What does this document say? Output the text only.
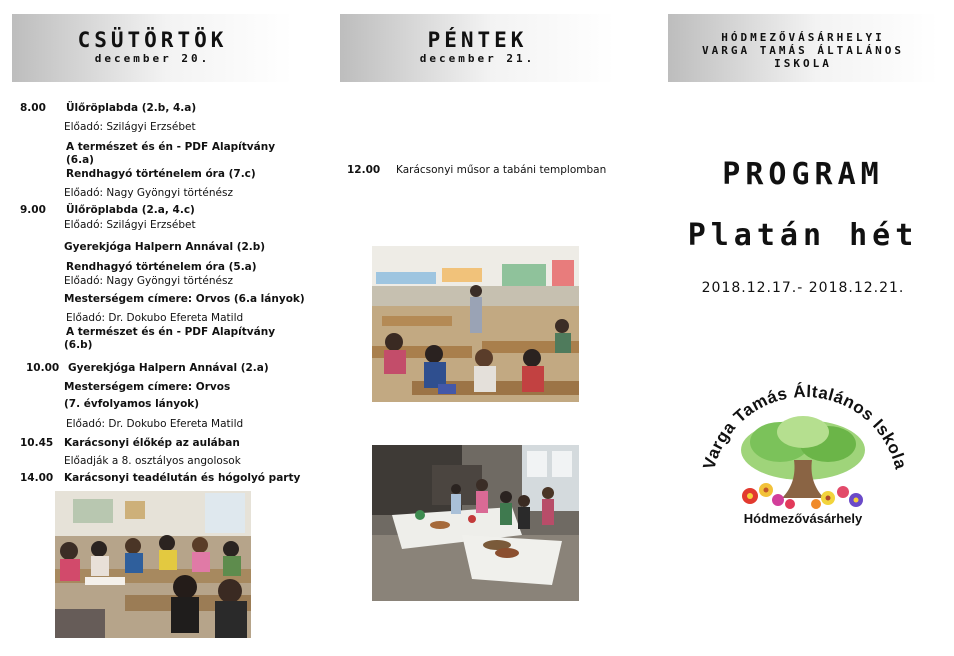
CSÜTÖRTÖK
december 20.
8.00 Ülőröplabda (2.b, 4.a)
Előadó: Szilágyi Erzsébet
A természet és én - PDF Alapítvány
(6.a)
Rendhagyó történelem óra (7.c)
Előadó: Nagy Gyöngyi történész
9.00 Ülőröplabda (2.a, 4.c)
Előadó: Szilágyi Erzsébet
Gyerekjóga Halpern Annával (2.b)
Rendhagyó történelem óra (5.a)
Előadó: Nagy Gyöngyi történész
Mesterségem címere: Orvos (6.a lányok)
Előadó: Dr. Dokubo Efereta Matild
A természet és én - PDF Alapítvány
(6.b)
10.00 Gyerekjóga Halpern Annával (2.a)
Mesterségem címere: Orvos
(7. évfolyamos lányok)
Előadó: Dr. Dokubo Efereta Matild
10.45 Karácsonyi élőkép az aulában
Előadják a 8. osztályos angolosok
14.00 Karácsonyi teadélután és hógolyó party
PÉNTEK
december 21.
12.00 Karácsonyi műsor a tabáni templomban
HÓDMEZŐVÁSÁRHELYI
VARGA TAMÁS ÁLTALÁNOS
ISKOLA
PROGRAM
Platán hét
2018.12.17.- 2018.12.21.
Varga Tamás Általános Iskol
Hódmezővásárhely
